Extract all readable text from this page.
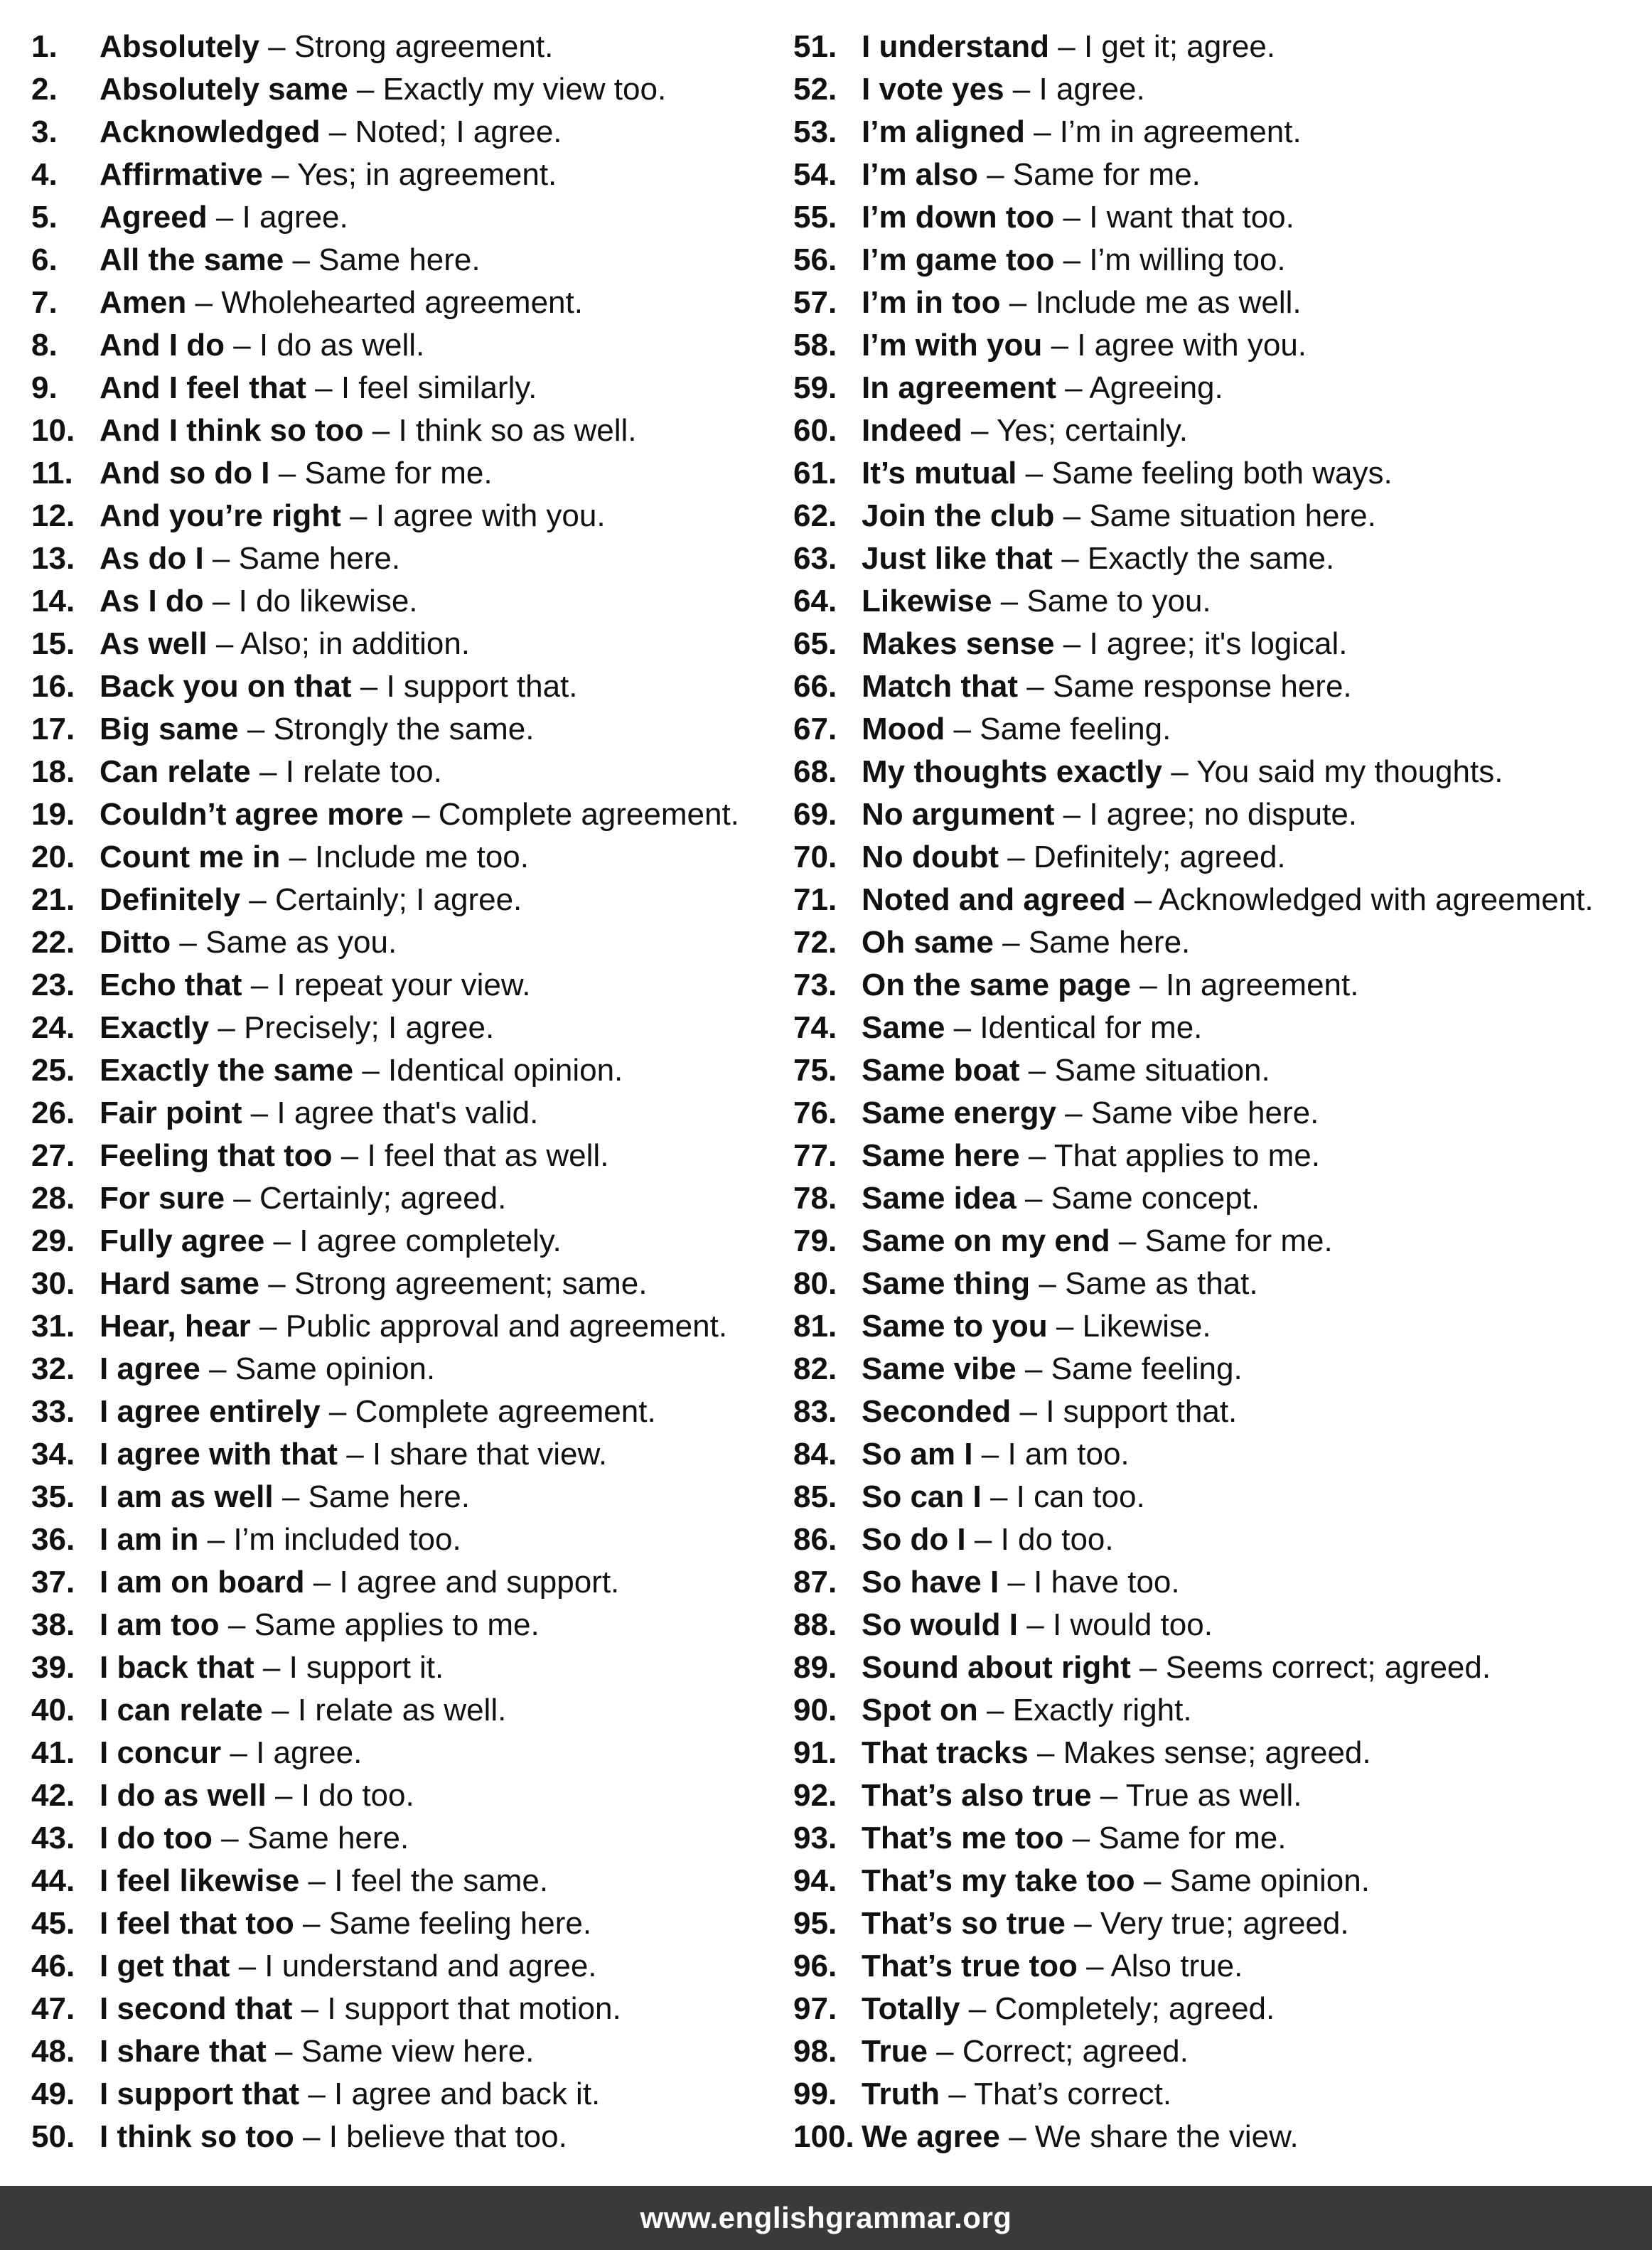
1. Absolutely – Strong agreement.
2. Absolutely same – Exactly my view too.
3. Acknowledged – Noted; I agree.
4. Affirmative – Yes; in agreement.
5. Agreed – I agree.
6. All the same – Same here.
7. Amen – Wholehearted agreement.
8. And I do – I do as well.
9. And I feel that – I feel similarly.
10. And I think so too – I think so as well.
11. And so do I – Same for me.
12. And you’re right – I agree with you.
13. As do I – Same here.
14. As I do – I do likewise.
15. As well – Also; in addition.
16. Back you on that – I support that.
17. Big same – Strongly the same.
18. Can relate – I relate too.
19. Couldn’t agree more – Complete agreement.
20. Count me in – Include me too.
21. Definitely – Certainly; I agree.
22. Ditto – Same as you.
23. Echo that – I repeat your view.
24. Exactly – Precisely; I agree.
25. Exactly the same – Identical opinion.
26. Fair point – I agree that's valid.
27. Feeling that too – I feel that as well.
28. For sure – Certainly; agreed.
29. Fully agree – I agree completely.
30. Hard same – Strong agreement; same.
31. Hear, hear – Public approval and agreement.
32. I agree – Same opinion.
33. I agree entirely – Complete agreement.
34. I agree with that – I share that view.
35. I am as well – Same here.
36. I am in – I’m included too.
37. I am on board – I agree and support.
38. I am too – Same applies to me.
39. I back that – I support it.
40. I can relate – I relate as well.
41. I concur – I agree.
42. I do as well – I do too.
43. I do too – Same here.
44. I feel likewise – I feel the same.
45. I feel that too – Same feeling here.
46. I get that – I understand and agree.
47. I second that – I support that motion.
48. I share that – Same view here.
49. I support that – I agree and back it.
50. I think so too – I believe that too.
51. I understand – I get it; agree.
52. I vote yes – I agree.
53. I’m aligned – I’m in agreement.
54. I’m also – Same for me.
55. I’m down too – I want that too.
56. I’m game too – I’m willing too.
57. I’m in too – Include me as well.
58. I’m with you – I agree with you.
59. In agreement – Agreeing.
60. Indeed – Yes; certainly.
61. It’s mutual – Same feeling both ways.
62. Join the club – Same situation here.
63. Just like that – Exactly the same.
64. Likewise – Same to you.
65. Makes sense – I agree; it's logical.
66. Match that – Same response here.
67. Mood – Same feeling.
68. My thoughts exactly – You said my thoughts.
69. No argument – I agree; no dispute.
70. No doubt – Definitely; agreed.
71. Noted and agreed – Acknowledged with agreement.
72. Oh same – Same here.
73. On the same page – In agreement.
74. Same – Identical for me.
75. Same boat – Same situation.
76. Same energy – Same vibe here.
77. Same here – That applies to me.
78. Same idea – Same concept.
79. Same on my end – Same for me.
80. Same thing – Same as that.
81. Same to you – Likewise.
82. Same vibe – Same feeling.
83. Seconded – I support that.
84. So am I – I am too.
85. So can I – I can too.
86. So do I – I do too.
87. So have I – I have too.
88. So would I – I would too.
89. Sound about right – Seems correct; agreed.
90. Spot on – Exactly right.
91. That tracks – Makes sense; agreed.
92. That’s also true – True as well.
93. That’s me too – Same for me.
94. That’s my take too – Same opinion.
95. That’s so true – Very true; agreed.
96. That’s true too – Also true.
97. Totally – Completely; agreed.
98. True – Correct; agreed.
99. Truth – That’s correct.
100. We agree – We share the view.
www.englishgrammar.org
